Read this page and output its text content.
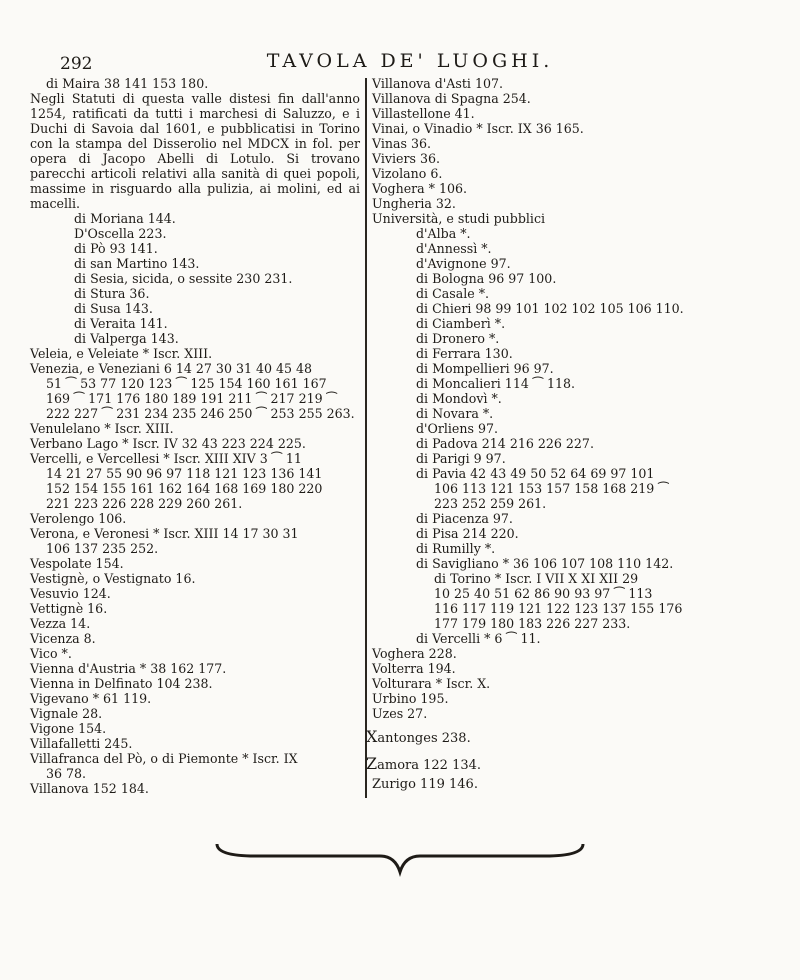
292	TAVOLA DE' LUOGHI.
di Maira 38 141 153 180.
Negli Statuti di questa valle distesi fin dall'anno 1254, ratificati da tutti i marchesi di Saluzzo, e i Duchi di Savoia dal 1601, e pubblicatisi in Torino con la stampa del Disserolio nel MDCX in fol. per opera di Jacopo Abelli di Lotulo. Si trovano parecchi articoli relativi alla sanità di quei popoli, massime in risguardo alla pulizia, ai molini, ed ai macelli.
di Moriana 144.
D'Oscella 223.
di Pò 93 141.
di san Martino 143.
di Sesia, sicida, o sessite 230 231.
di Stura 36.
di Susa 143.
di Veraita 141.
di Valperga 143.
Veleia, e Veleiate * Iscr. XIII.
Venezia, e Veneziani 6 14 27 30 31 40 45 48
51 ⁀ 53 77 120 123 ⁀ 125 154 160 161 167
169 ⁀ 171 176 180 189 191 211 ⁀ 217 219 ⁀
222 227 ⁀ 231 234 235 246 250 ⁀ 253 255 263.
Venulelano * Iscr. XIII.
Verbano Lago * Iscr. IV 32 43 223 224 225.
Vercelli, e Vercellesi * Iscr. XIII XIV 3 ⁀ 11
14 21 27 55 90 96 97 118 121 123 136 141
152 154 155 161 162 164 168 169 180 220
221 223 226 228 229 260 261.
Verolengo 106.
Verona, e Veronesi * Iscr. XIII 14 17 30 31
106 137 235 252.
Vespolate 154.
Vestignè, o Vestignato 16.
Vesuvio 124.
Vettignè 16.
Vezza 14.
Vicenza 8.
Vico *.
Vienna d'Austria * 38 162 177.
Vienna in Delfinato 104 238.
Vigevano * 61 119.
Vignale 28.
Vigone 154.
Villafalletti 245.
Villafranca del Pò, o di Piemonte * Iscr. IX
36 78.
Villanova 152 184.
Villanova d'Asti 107.
Villanova di Spagna 254.
Villastellone 41.
Vinai, o Vinadio * Iscr. IX 36 165.
Vinas 36.
Viviers 36.
Vizolano 6.
Voghera * 106.
Ungheria 32.
Università, e studi pubblici
d'Alba *.
d'Annessì *.
d'Avignone 97.
di Bologna 96 97 100.
di Casale *.
di Chieri 98 99 101 102 102 105 106 110.
di Ciamberì *.
di Dronero *.
di Ferrara 130.
di Mompellieri 96 97.
di Moncalieri 114 ⁀ 118.
di Mondovì *.
di Novara *.
d'Orliens 97.
di Padova 214 216 226 227.
di Parigi 9 97.
di Pavia 42 43 49 50 52 64 69 97 101
106 113 121 153 157 158 168 219 ⁀
223 252 259 261.
di Piacenza 97.
di Pisa 214 220.
di Rumilly *.
di Savigliano * 36 106 107 108 110 142.
di Torino * Iscr. I VII X XI XII 29
10 25 40 51 62 86 90 93 97 ⁀ 113
116 117 119 121 122 123 137 155 176
177 179 180 183 226 227 233.
di Vercelli * 6 ⁀ 11.
Voghera 228.
Volterra 194.
Volturara * Iscr. X.
Urbino 195.
Uzes 27.
Xantonges 238.
Zamora 122 134.
Zurigo 119 146.
